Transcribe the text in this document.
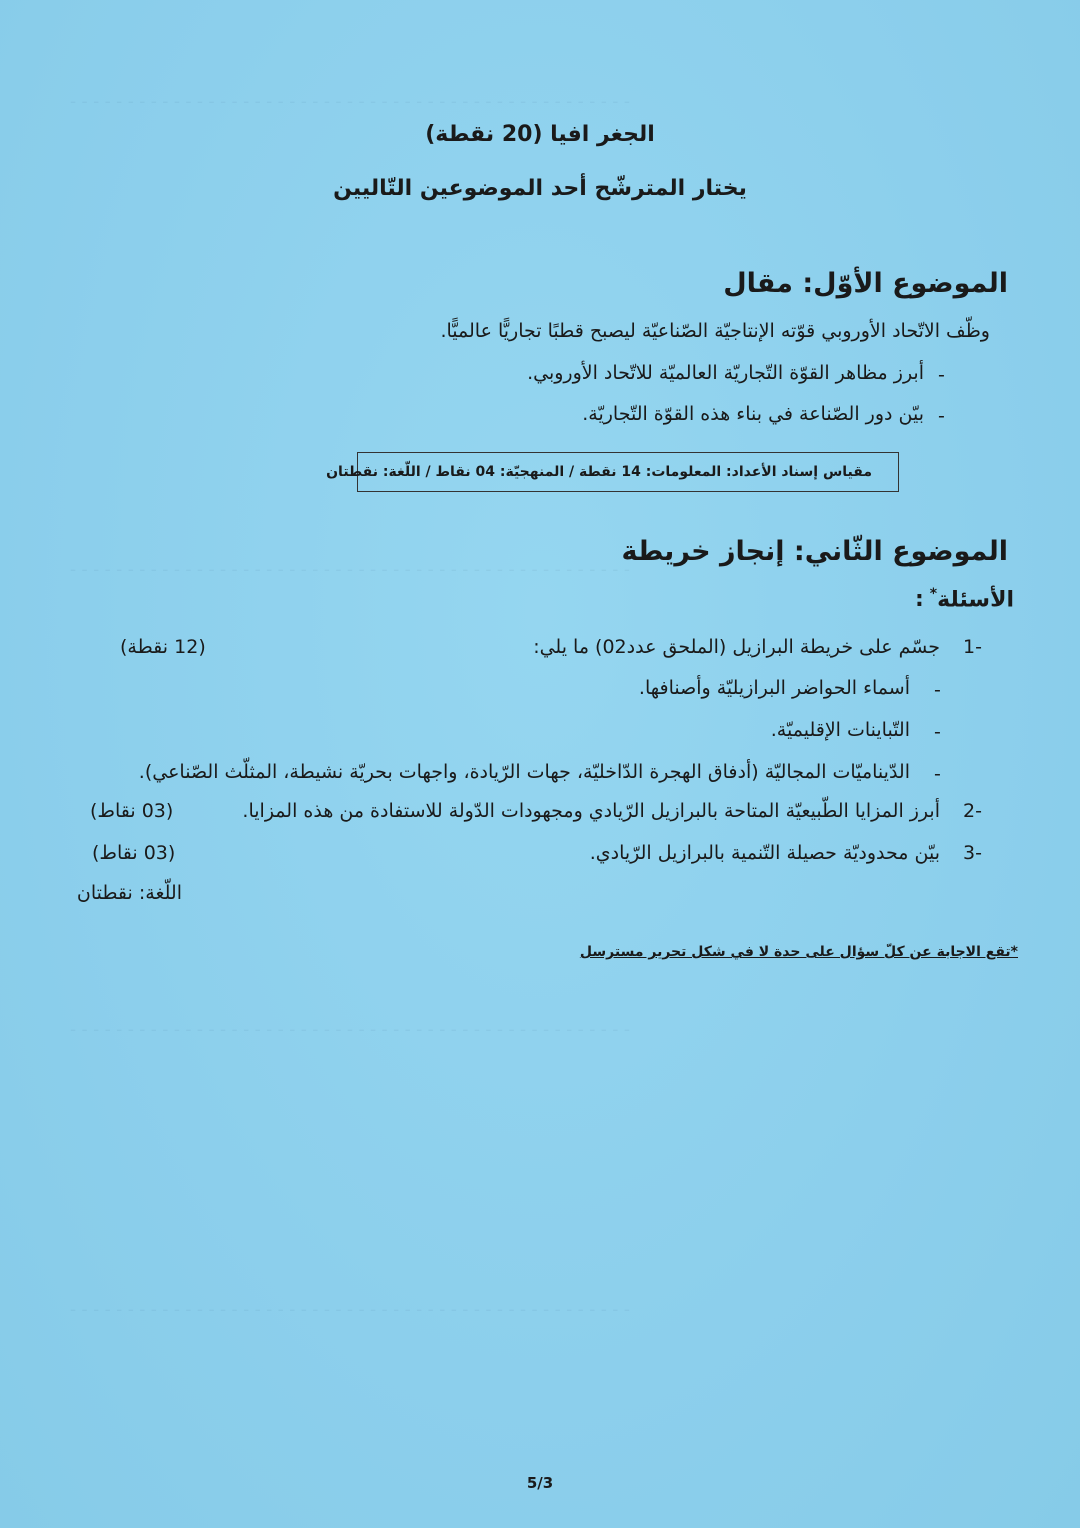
- - - - - - - - - - - - - - - - - - - - - - - - - - - - - - - - - - - - - - - - - - - - - - - - -
- - - - - - - - - - - - - - - - - - - - - - - - - - - - - - - - - - - - - - - - - - - - - - - - -
- - - - - - - - - - - - - - - - - - - - - - - - - - - - - - - - - - - - - - - - - - - - - - - - -
- - - - - - - - - - - - - - - - - - - - - - - - - - - - - - - - - - - - - - - - - - - - - - - - -
الجغر افيا (20 نقطة)
يختار المترشّح أحد الموضوعين التّاليين
الموضوع الأوّل: مقال
وظّف الاتّحاد الأوروبي قوّته الإنتاجيّة الصّناعيّة ليصبح قطبًا تجاريًّا عالميًّا.
-
أبرز مظاهر القوّة التّجاريّة العالميّة للاتّحاد الأوروبي.
-
بيّن دور الصّناعة في بناء هذه القوّة التّجاريّة.
مقياس إسناد الأعداد: المعلومات: 14 نقطة / المنهجيّة: 04 نقاط / اللّغة: نقطتان
الموضوع الثّاني: إنجاز خريطة
الأسئلة*:
-1
جسّم على خريطة البرازيل (الملحق عدد02) ما يلي:
(12 نقطة)
-
أسماء الحواضر البرازيليّة وأصنافها.
-
التّباينات الإقليميّة.
-
الدّيناميّات المجاليّة (أدفاق الهجرة الدّاخليّة، جهات الرّيادة، واجهات بحريّة نشيطة، المثلّث الصّناعي).
-2
أبرز المزايا الطّبيعيّة المتاحة بالبرازيل الرّيادي ومجهودات الدّولة للاستفادة من هذه المزايا.
(03 نقاط)
-3
بيّن محدوديّة حصيلة التّنمية بالبرازيل الرّيادي.
(03 نقاط)
اللّغة: نقطتان
*تقع الاجابة عن كلّ سؤال على حدة لا في شكل تحرير مسترسل
5/3
